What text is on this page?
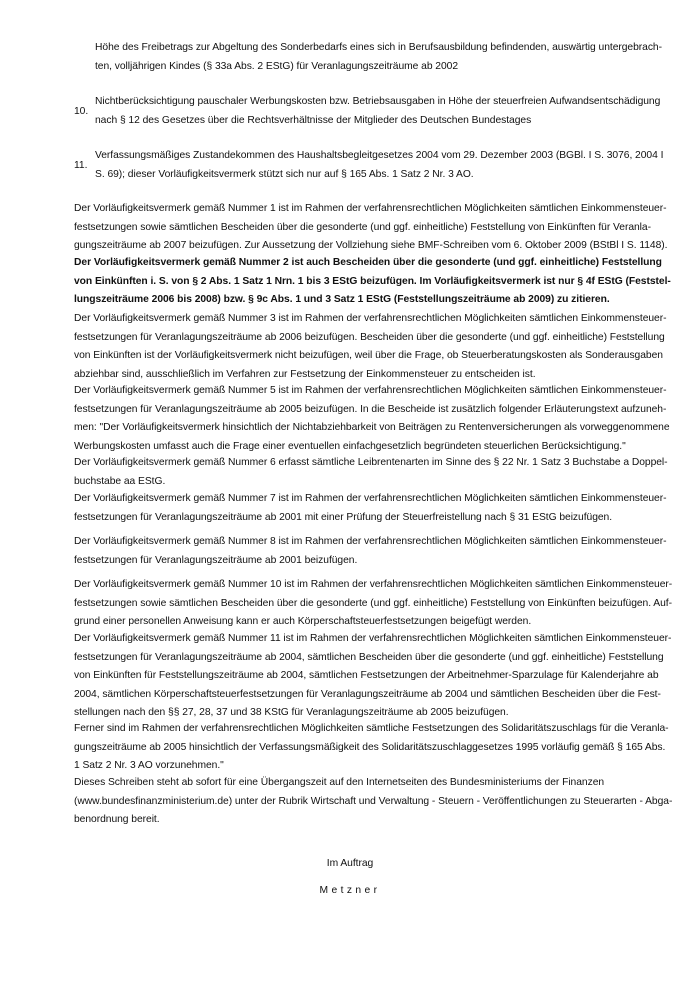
Höhe des Freibetrags zur Abgeltung des Sonderbedarfs eines sich in Berufsausbildung befindenden, auswärtig untergebrach-
ten, volljährigen Kindes (§ 33a Abs. 2 EStG) für Veranlagungszeiträume ab 2002
10.
Nichtberücksichtigung pauschaler Werbungskosten bzw. Betriebsausgaben in Höhe der steuerfreien Aufwandsentschädigung
nach § 12 des Gesetzes über die Rechtsverhältnisse der Mitglieder des Deutschen Bundestages
11.
Verfassungsmäßiges Zustandekommen des Haushaltsbegleitgesetzes 2004 vom 29. Dezember 2003 (BGBl. I S. 3076, 2004 I
S. 69); dieser Vorläufigkeitsvermerk stützt sich nur auf § 165 Abs. 1 Satz 2 Nr. 3 AO.
Der Vorläufigkeitsvermerk gemäß Nummer 1 ist im Rahmen der verfahrensrechtlichen Möglichkeiten sämtlichen Einkommensteuer-
festsetzungen sowie sämtlichen Bescheiden über die gesonderte (und ggf. einheitliche) Feststellung von Einkünften für Veranla-
gungszeiträume ab 2007 beizufügen. Zur Aussetzung der Vollziehung siehe BMF-Schreiben vom 6. Oktober 2009 (BStBl I S. 1148).
Der Vorläufigkeitsvermerk gemäß Nummer 2 ist auch Bescheiden über die gesonderte (und ggf. einheitliche) Feststellung
von Einkünften i. S. von § 2 Abs. 1 Satz 1 Nrn. 1 bis 3 EStG beizufügen. Im Vorläufigkeitsvermerk ist nur § 4f EStG (Feststel-
lungszeiträume 2006 bis 2008) bzw. § 9c Abs. 1 und 3 Satz 1 EStG (Feststellungszeiträume ab 2009) zu zitieren.
Der Vorläufigkeitsvermerk gemäß Nummer 3 ist im Rahmen der verfahrensrechtlichen Möglichkeiten sämtlichen Einkommensteuer-
festsetzungen für Veranlagungszeiträume ab 2006 beizufügen. Bescheiden über die gesonderte (und ggf. einheitliche) Feststellung
von Einkünften ist der Vorläufigkeitsvermerk nicht beizufügen, weil über die Frage, ob Steuerberatungskosten als Sonderausgaben
abziehbar sind, ausschließlich im Verfahren zur Festsetzung der Einkommensteuer zu entscheiden ist.
Der Vorläufigkeitsvermerk gemäß Nummer 5 ist im Rahmen der verfahrensrechtlichen Möglichkeiten sämtlichen Einkommensteuer-
festsetzungen für Veranlagungszeiträume ab 2005 beizufügen. In die Bescheide ist zusätzlich folgender Erläuterungstext aufzuneh-
men: "Der Vorläufigkeitsvermerk hinsichtlich der Nichtabziehbarkeit von Beiträgen zu Rentenversicherungen als vorweggenommene
Werbungskosten umfasst auch die Frage einer eventuellen einfachgesetzlich begründeten steuerlichen Berücksichtigung."
Der Vorläufigkeitsvermerk gemäß Nummer 6 erfasst sämtliche Leibrentenarten im Sinne des § 22 Nr. 1 Satz 3 Buchstabe a Doppel-
buchstabe aa EStG.
Der Vorläufigkeitsvermerk gemäß Nummer 7 ist im Rahmen der verfahrensrechtlichen Möglichkeiten sämtlichen Einkommensteuer-
festsetzungen für Veranlagungszeiträume ab 2001 mit einer Prüfung der Steuerfreistellung nach § 31 EStG beizufügen.
Der Vorläufigkeitsvermerk gemäß Nummer 8 ist im Rahmen der verfahrensrechtlichen Möglichkeiten sämtlichen Einkommensteuer-
festsetzungen für Veranlagungszeiträume ab 2001 beizufügen.
Der Vorläufigkeitsvermerk gemäß Nummer 10 ist im Rahmen der verfahrensrechtlichen Möglichkeiten sämtlichen Einkommensteuer-
festsetzungen sowie sämtlichen Bescheiden über die gesonderte (und ggf. einheitliche) Feststellung von Einkünften beizufügen. Auf-
grund einer personellen Anweisung kann er auch Körperschaftsteuerfestsetzungen beigefügt werden.
Der Vorläufigkeitsvermerk gemäß Nummer 11 ist im Rahmen der verfahrensrechtlichen Möglichkeiten sämtlichen Einkommensteuer-
festsetzungen für Veranlagungszeiträume ab 2004, sämtlichen Bescheiden über die gesonderte (und ggf. einheitliche) Feststellung
von Einkünften für Feststellungszeiträume ab 2004, sämtlichen Festsetzungen der Arbeitnehmer-Sparzulage für Kalenderjahre ab
2004, sämtlichen Körperschaftsteuerfestsetzungen für Veranlagungszeiträume ab 2004 und sämtlichen Bescheiden über die Fest-
stellungen nach den §§ 27, 28, 37 und 38 KStG für Veranlagungszeiträume ab 2005 beizufügen.
Ferner sind im Rahmen der verfahrensrechtlichen Möglichkeiten sämtliche Festsetzungen des Solidaritätszuschlags für die Veranla-
gungszeiträume ab 2005 hinsichtlich der Verfassungsmäßigkeit des Solidaritätszuschlaggesetzes 1995 vorläufig gemäß § 165 Abs.
1 Satz 2 Nr. 3 AO vorzunehmen."
Dieses Schreiben steht ab sofort für eine Übergangszeit auf den Internetseiten des Bundesministeriums der Finanzen
(www.bundesfinanzministerium.de) unter der Rubrik Wirtschaft und Verwaltung - Steuern - Veröffentlichungen zu Steuerarten - Abga-
benordnung bereit.
Im Auftrag
Metzner
